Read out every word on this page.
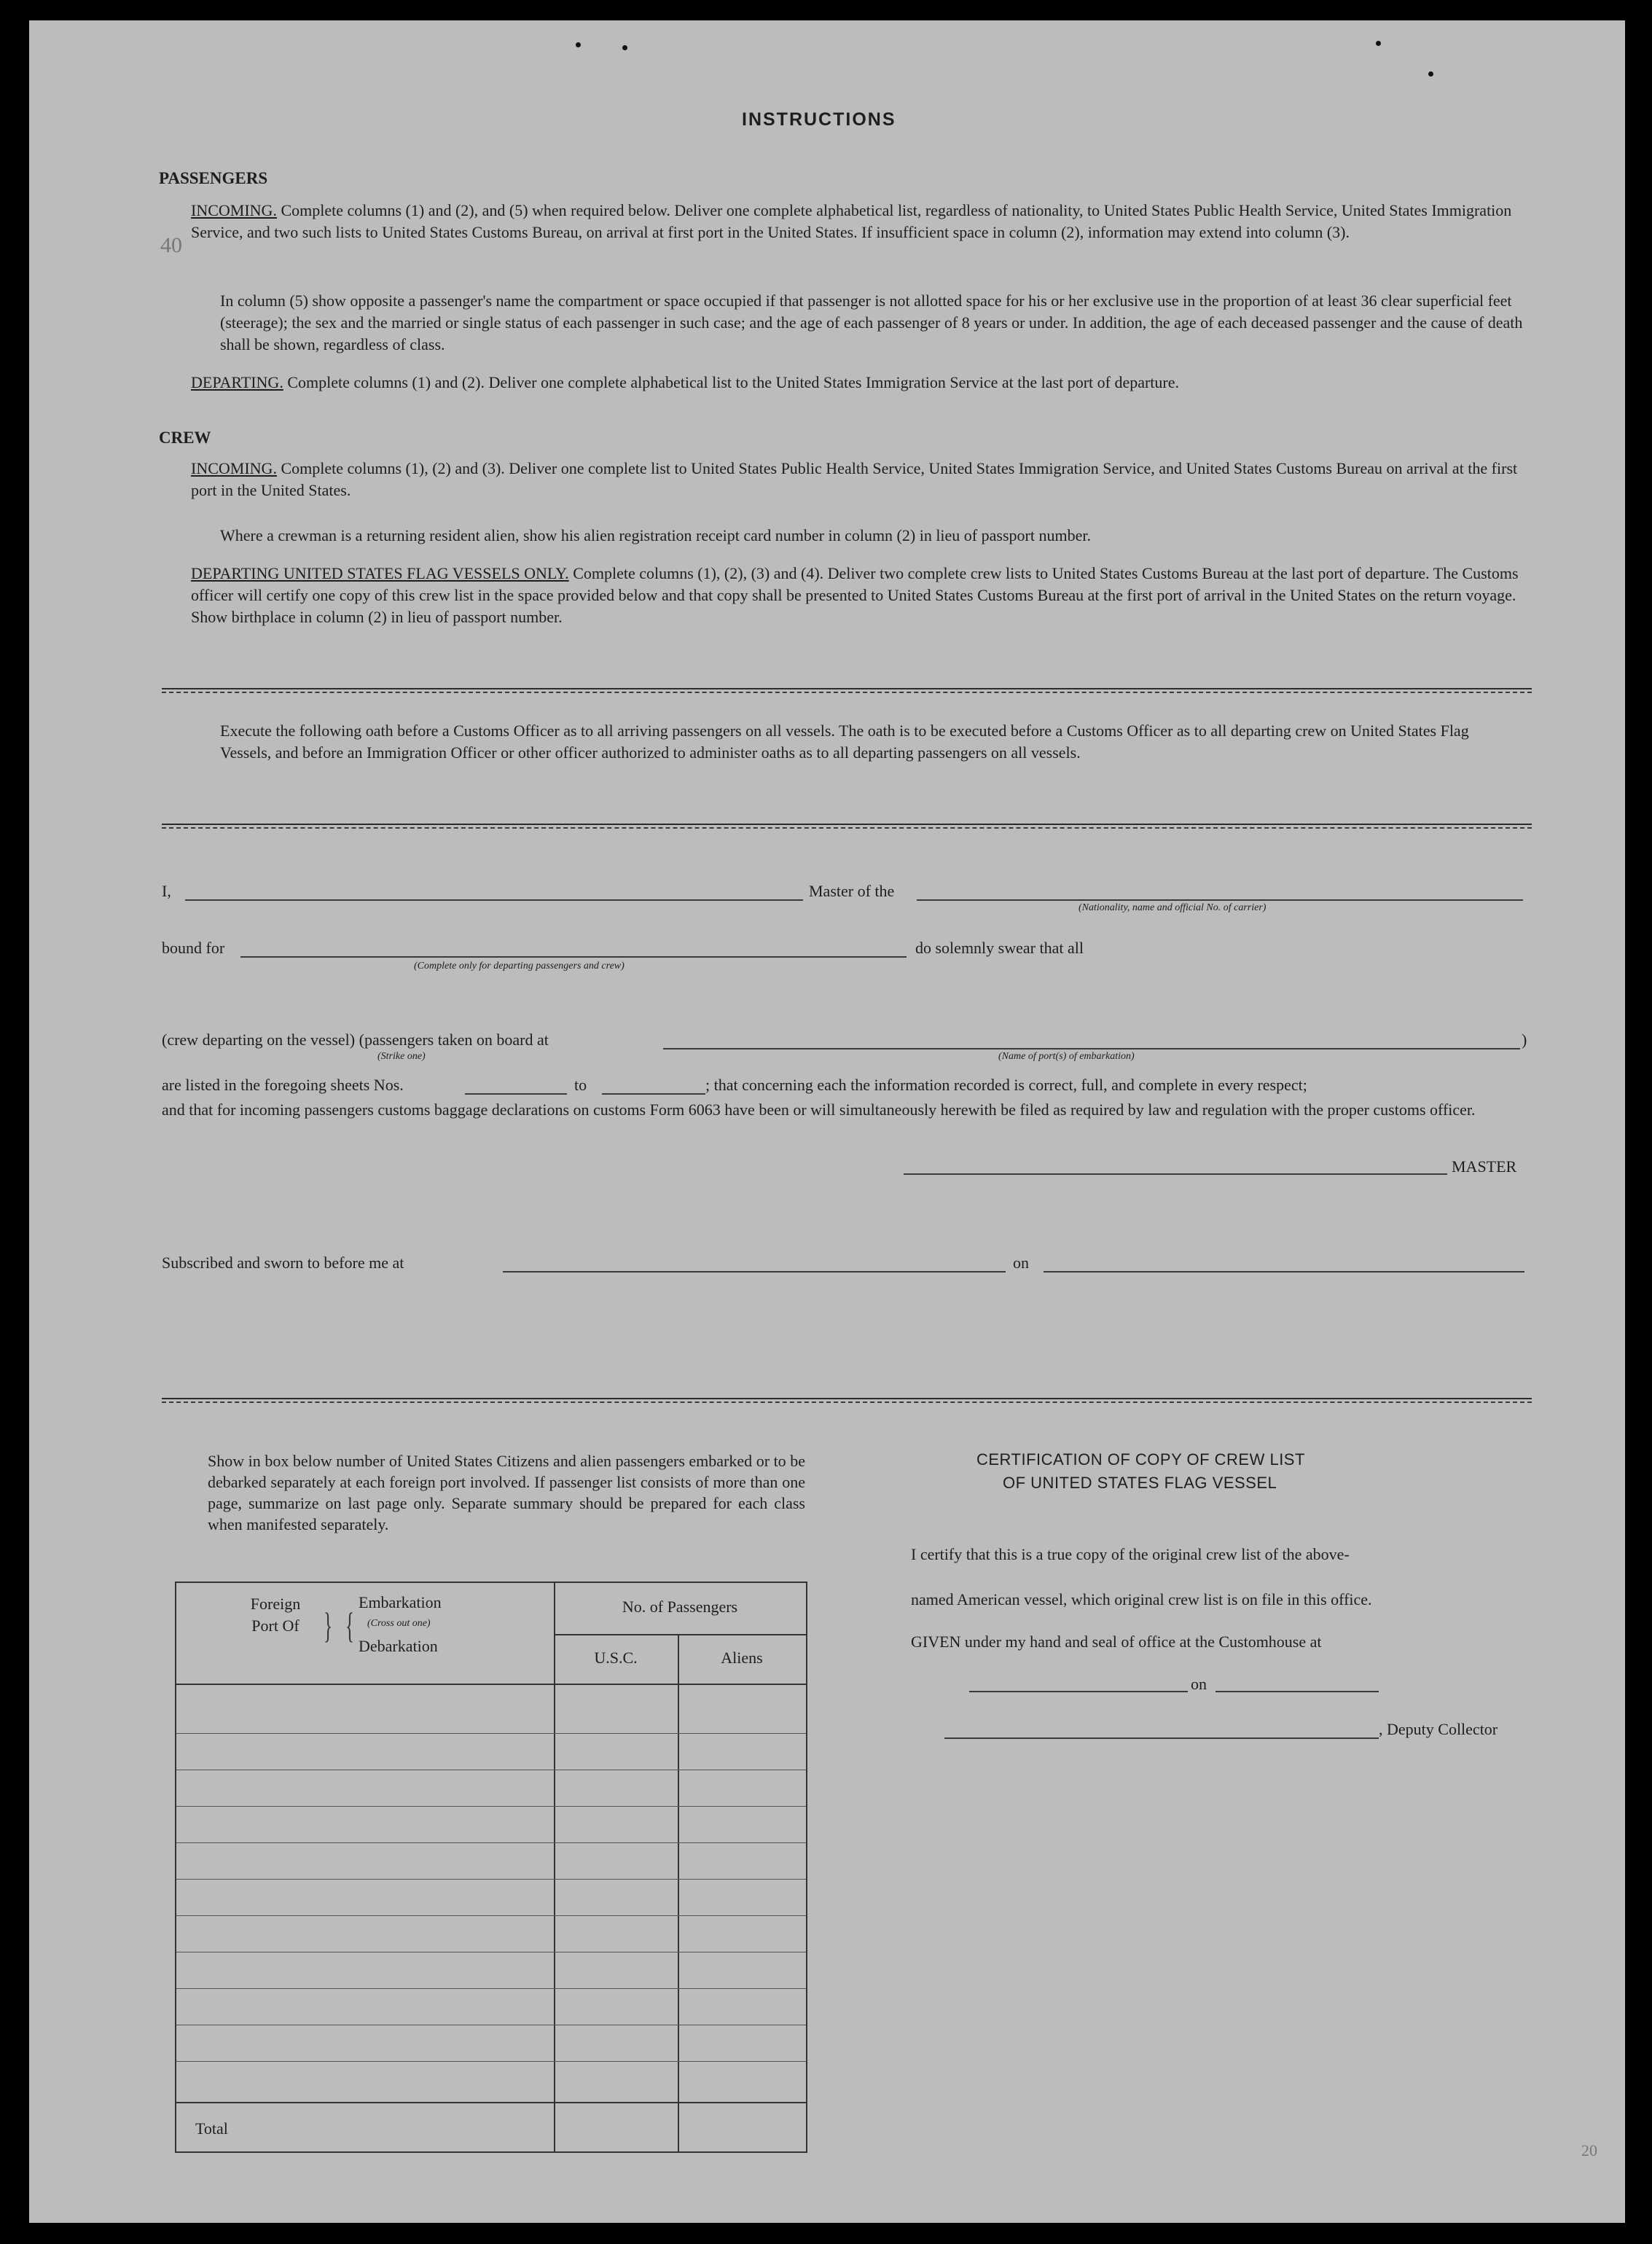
40
20
INSTRUCTIONS
PASSENGERS
INCOMING. Complete columns (1) and (2), and (5) when required below. Deliver one complete alphabetical list, regardless of nationality, to United States Public Health Service, United States Immigration Service, and two such lists to United States Customs Bureau, on arrival at first port in the United States. If insufficient space in column (2), information may extend into column (3).
In column (5) show opposite a passenger's name the compartment or space occupied if that passenger is not allotted space for his or her exclusive use in the proportion of at least 36 clear superficial feet (steerage); the sex and the married or single status of each passenger in such case; and the age of each passenger of 8 years or under. In addition, the age of each deceased passenger and the cause of death shall be shown, regardless of class.
DEPARTING. Complete columns (1) and (2). Deliver one complete alphabetical list to the United States Immigration Service at the last port of departure.
CREW
INCOMING. Complete columns (1), (2) and (3). Deliver one complete list to United States Public Health Service, United States Immigration Service, and United States Customs Bureau on arrival at the first port in the United States.
Where a crewman is a returning resident alien, show his alien registration receipt card number in column (2) in lieu of passport number.
DEPARTING UNITED STATES FLAG VESSELS ONLY. Complete columns (1), (2), (3) and (4). Deliver two complete crew lists to United States Customs Bureau at the last port of departure. The Customs officer will certify one copy of this crew list in the space provided below and that copy shall be presented to United States Customs Bureau at the first port of arrival in the United States on the return voyage. Show birthplace in column (2) in lieu of passport number.
Execute the following oath before a Customs Officer as to all arriving passengers on all vessels. The oath is to be executed before a Customs Officer as to all departing crew on United States Flag Vessels, and before an Immigration Officer or other officer authorized to administer oaths as to all departing passengers on all vessels.
I,	Master of the
(Nationality, name and official No. of carrier)
bound for
(Complete only for departing passengers and crew)
do solemnly swear that all
(crew departing on the vessel) (passengers taken on board at	)
(Strike one)	(Name of port(s) of embarkation)
are listed in the foregoing sheets Nos.	to	; that concerning each the information recorded is correct, full, and complete in every respect;
and that for incoming passengers customs baggage declarations on customs Form 6063 have been or will simultaneously herewith be filed as required by law and regulation with the proper customs officer.
MASTER
Subscribed and sworn to before me at	on
Show in box below number of United States Citizens and alien passengers embarked or to be debarked separately at each foreign port involved. If passenger list consists of more than one page, summarize on last page only. Separate summary should be prepared for each class when manifested separately.
Foreign Port Of } {
Embarkation
(Cross out one)
Debarkation
No. of Passengers
U.S.C.	Aliens
Total
CERTIFICATION OF COPY OF CREW LIST
OF UNITED STATES FLAG VESSEL
I certify that this is a true copy of the original crew list of the above-
named American vessel, which original crew list is on file in this office.
GIVEN under my hand and seal of office at the Customhouse at
on
, Deputy Collector
